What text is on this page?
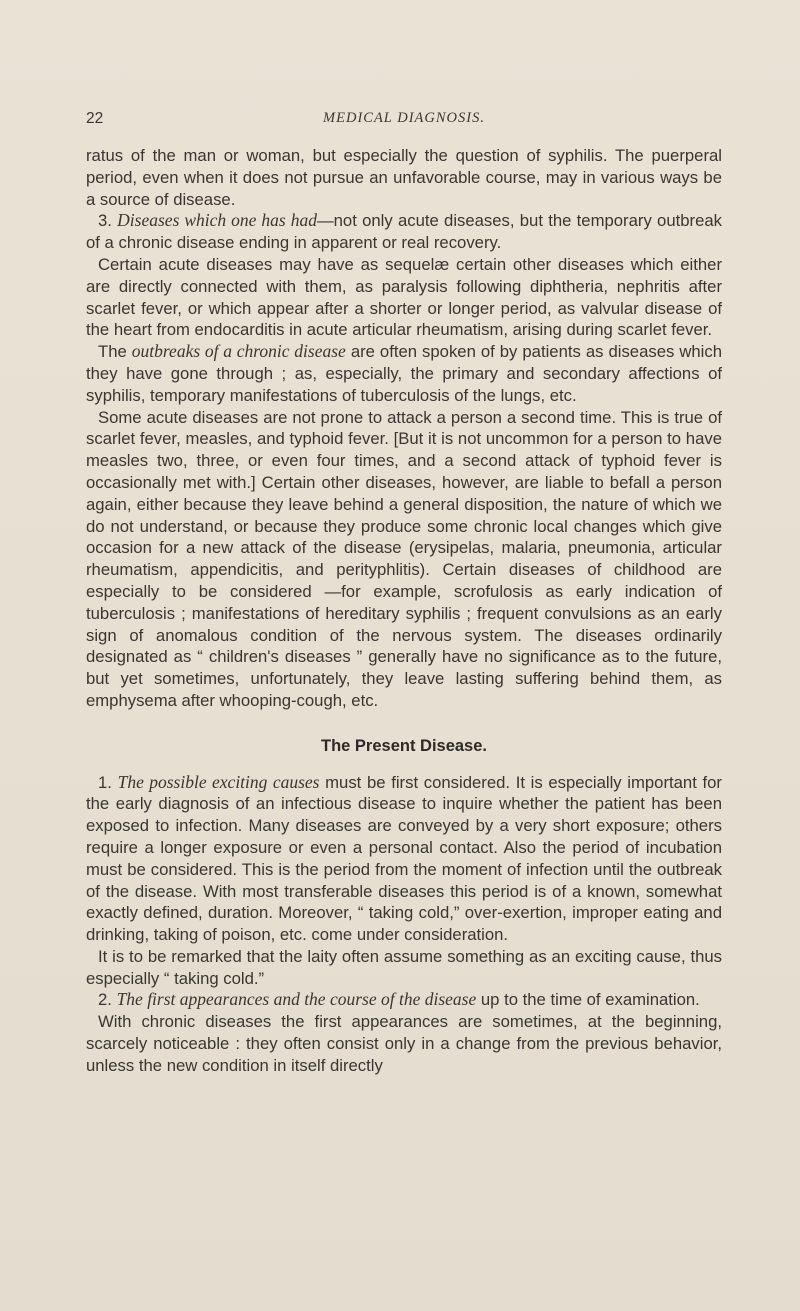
22	MEDICAL DIAGNOSIS.

ratus of the man or woman, but especially the question of syphilis. The puerperal period, even when it does not pursue an unfavorable course, may in various ways be a source of disease.

3. Diseases which one has had—not only acute diseases, but the temporary outbreak of a chronic disease ending in apparent or real recovery.

Certain acute diseases may have as sequelæ certain other diseases which either are directly connected with them, as paralysis following diphtheria, nephritis after scarlet fever, or which appear after a shorter or longer period, as valvular disease of the heart from endocarditis in acute articular rheumatism, arising during scarlet fever.

The outbreaks of a chronic disease are often spoken of by patients as diseases which they have gone through ; as, especially, the primary and secondary affections of syphilis, temporary manifestations of tuberculosis of the lungs, etc.

Some acute diseases are not prone to attack a person a second time. This is true of scarlet fever, measles, and typhoid fever. [But it is not uncommon for a person to have measles two, three, or even four times, and a second attack of typhoid fever is occasionally met with.] Certain other diseases, however, are liable to befall a person again, either because they leave behind a general disposition, the nature of which we do not understand, or because they produce some chronic local changes which give occasion for a new attack of the disease (erysipelas, malaria, pneumonia, articular rheumatism, appendicitis, and perityphlitis). Certain diseases of childhood are especially to be considered —for example, scrofulosis as early indication of tuberculosis ; manifestations of hereditary syphilis ; frequent convulsions as an early sign of anomalous condition of the nervous system. The diseases ordinarily designated as “ children's diseases ” generally have no significance as to the future, but yet sometimes, unfortunately, they leave lasting suffering behind them, as emphysema after whooping-cough, etc.

The Present Disease.

1. The possible exciting causes must be first considered. It is especially important for the early diagnosis of an infectious disease to inquire whether the patient has been exposed to infection. Many diseases are conveyed by a very short exposure; others require a longer exposure or even a personal contact. Also the period of incubation must be considered. This is the period from the moment of infection until the outbreak of the disease. With most transferable diseases this period is of a known, somewhat exactly defined, duration. Moreover, “ taking cold,” over-exertion, improper eating and drinking, taking of poison, etc. come under consideration.

It is to be remarked that the laity often assume something as an exciting cause, thus especially “ taking cold.”

2. The first appearances and the course of the disease up to the time of examination.

With chronic diseases the first appearances are sometimes, at the beginning, scarcely noticeable : they often consist only in a change from the previous behavior, unless the new condition in itself directly
